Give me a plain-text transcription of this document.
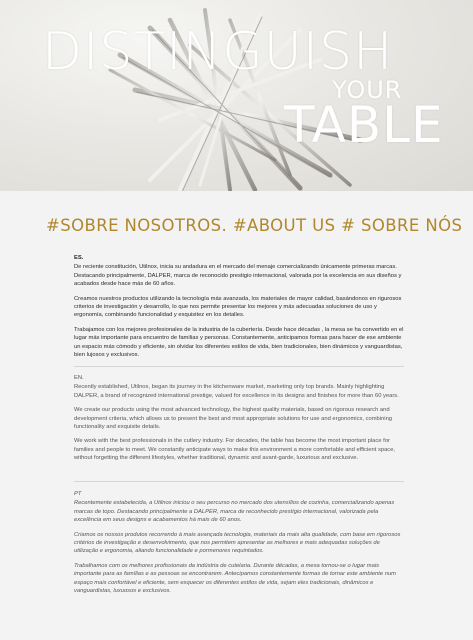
DISTINGUISH
YOUR
TABLE
#SOBRE NOSOTROS. #ABOUT US # SOBRE NÓS
ES.

De reciente constitución, Utilnox, inicia su andadura en el mercado del menaje comercializando únicamente primeras marcas. Destacando principalmente, DALPER, marca de reconocido prestigio internacional, valorada por la excelencia en sus diseños y acabados desde hace más de 60 años.

Creamos nuestros productos utilizando la tecnología más avanzada, los materiales de mayor calidad, basándonos en rigurosos criterios de investigación y desarrollo, lo que nos permite presentar los mejores y más adecuadas soluciones de uso y ergonomía, combinando funcionalidad y exquisitez en los detalles.

Trabajamos con los mejores profesionales de la industria de la cubertería. Desde hace décadas , la mesa se ha convertido en el lugar más importante para encuentro de familias y personas. Constantemente, anticipamos formas para hacer de ese ambiente un espacio más cómodo y eficiente, sin olvidar los diferentes estilos de vida, bien tradicionales, bien dinámicos y vanguardistas, bien lujosos y exclusivos.

EN.

Recently established, Utilnox, began its journey in the kitchenware market, marketing only top brands. Mainly highlighting DALPER, a brand of recognized international prestige, valued for excellence in its designs and finishes for more than 60 years.

We create our products using the most advanced technology, the highest quality materials, based on rigorous research and development criteria, which allows us to present the best and most appropriate solutions for use and ergonomics, combining functionality and exquisite details.

We work with the best professionals in the cutlery industry. For decades, the table has become the most important place for families and people to meet. We constantly anticipate ways to make this environment a more comfortable and efficient space, without forgetting the different lifestyles, whether traditional, dynamic and avant-garde, luxurious and exclusive.

PT

Recentemente estabelecida, a Utilnox iniciou o seu percurso no mercado dos utensílios de cozinha, comercializando apenas marcas de topo. Destacando principalmente a DALPER, marca de reconhecido prestígio internacional, valorizada pela excelência em seus designs e acabamentos há mais de 60 anos.

Criamos os nossos produtos recorrendo à mais avançada tecnologia, materiais da mais alta qualidade, com base em rigorosos critérios de investigação e desenvolvimento, que nos permitem apresentar as melhores e mais adequadas soluções de utilização e ergonomia, aliando funcionalidade e pormenores requintados.

Trabalhamos com os melhores profissionais da indústria de cutelaria. Durante décadas, a mesa tornou-se o lugar mais importante para as famílias e as pessoas se encontrarem. Antecipamos constantemente formas de tornar este ambiente num espaço mais confortável e eficiente, sem esquecer os diferentes estilos de vida, sejam eles tradicionais, dinâmicos e vanguardistas, luxuosos e exclusivos.
